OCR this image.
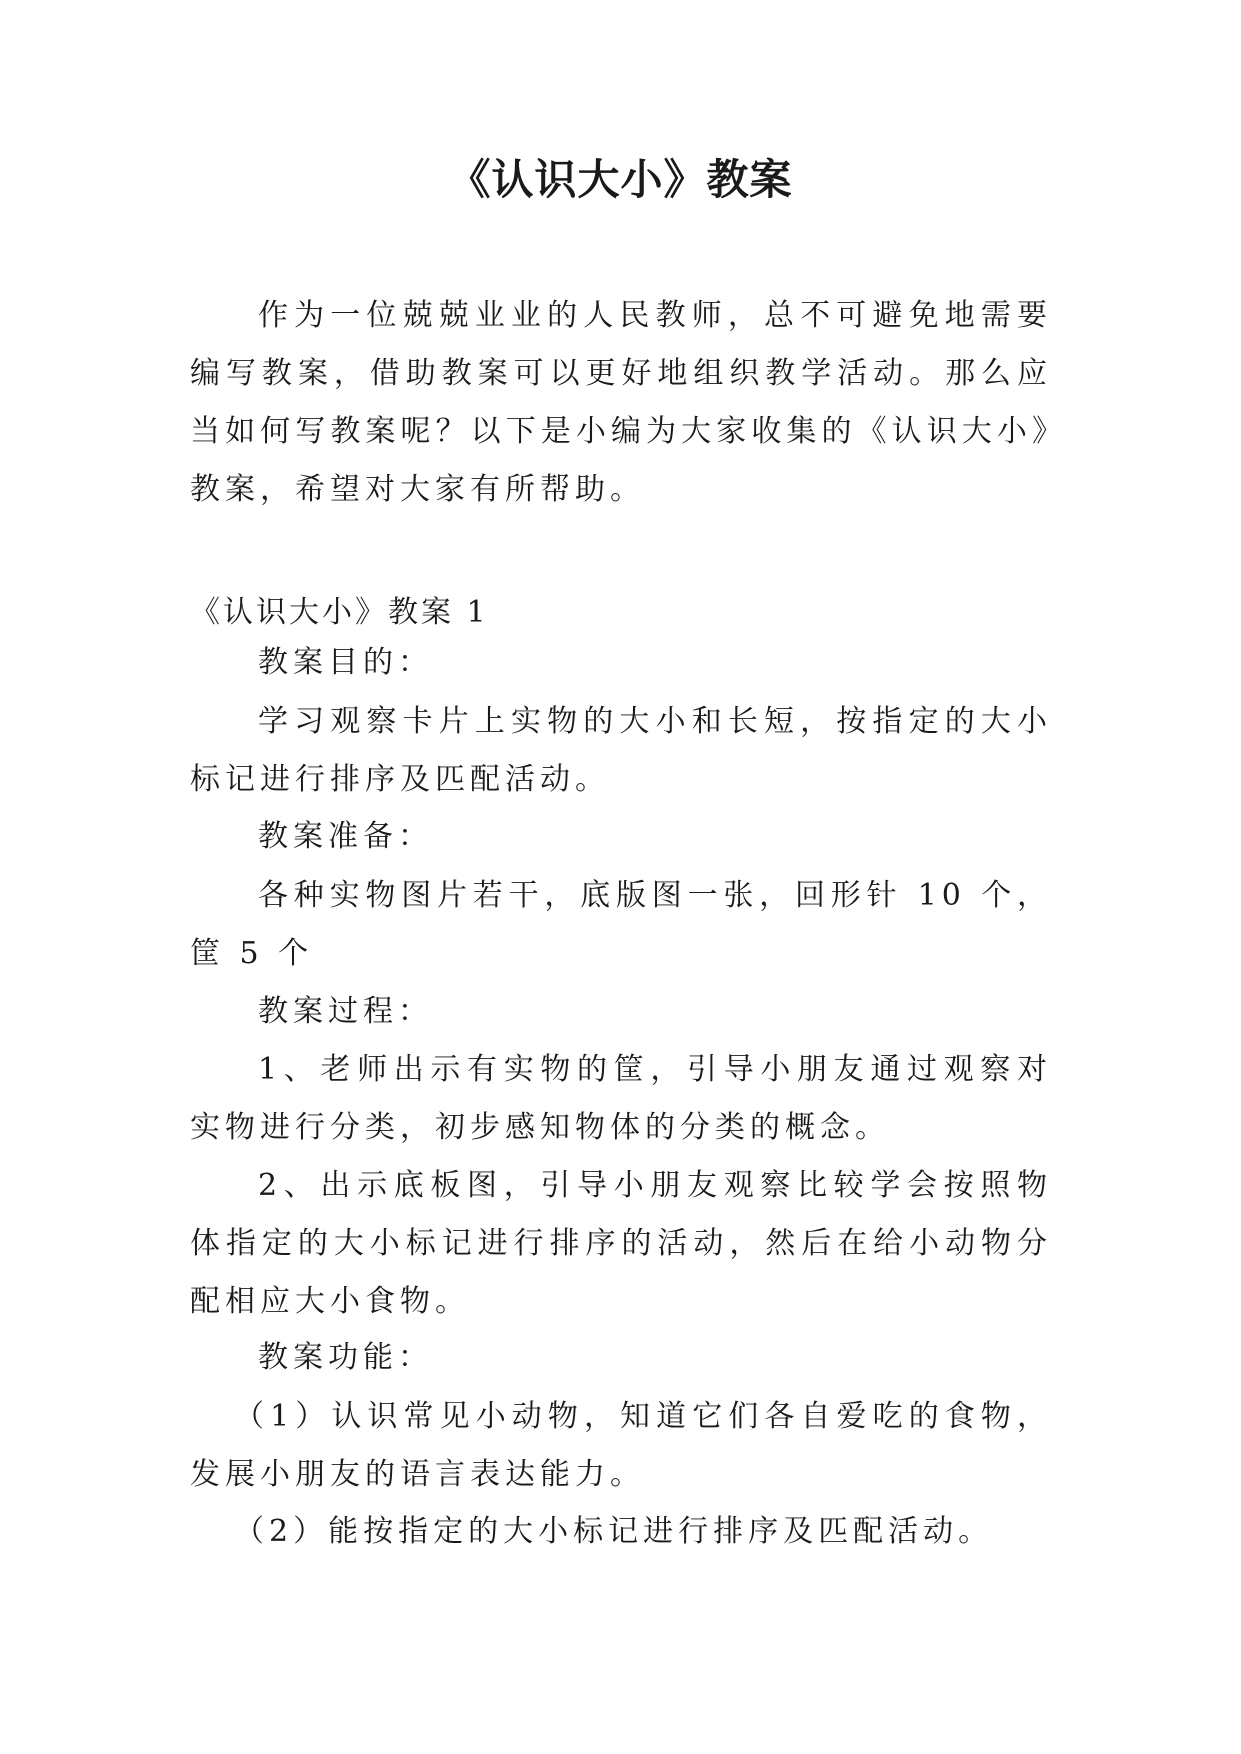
《认识大小》教案
作为一位兢兢业业的人民教师，总不可避免地需要编写教案，借助教案可以更好地组织教学活动。那么应当如何写教案呢？以下是小编为大家收集的《认识大小》教案，希望对大家有所帮助。
《认识大小》教案 1
教案目的：
学习观察卡片上实物的大小和长短，按指定的大小标记进行排序及匹配活动。
教案准备：
各种实物图片若干，底版图一张，回形针 10 个，筐 5 个
教案过程：
1、老师出示有实物的筐，引导小朋友通过观察对实物进行分类，初步感知物体的分类的概念。
2、出示底板图，引导小朋友观察比较学会按照物体指定的大小标记进行排序的活动，然后在给小动物分配相应大小食物。
教案功能：
（1）认识常见小动物，知道它们各自爱吃的食物，发展小朋友的语言表达能力。
（2）能按指定的大小标记进行排序及匹配活动。
